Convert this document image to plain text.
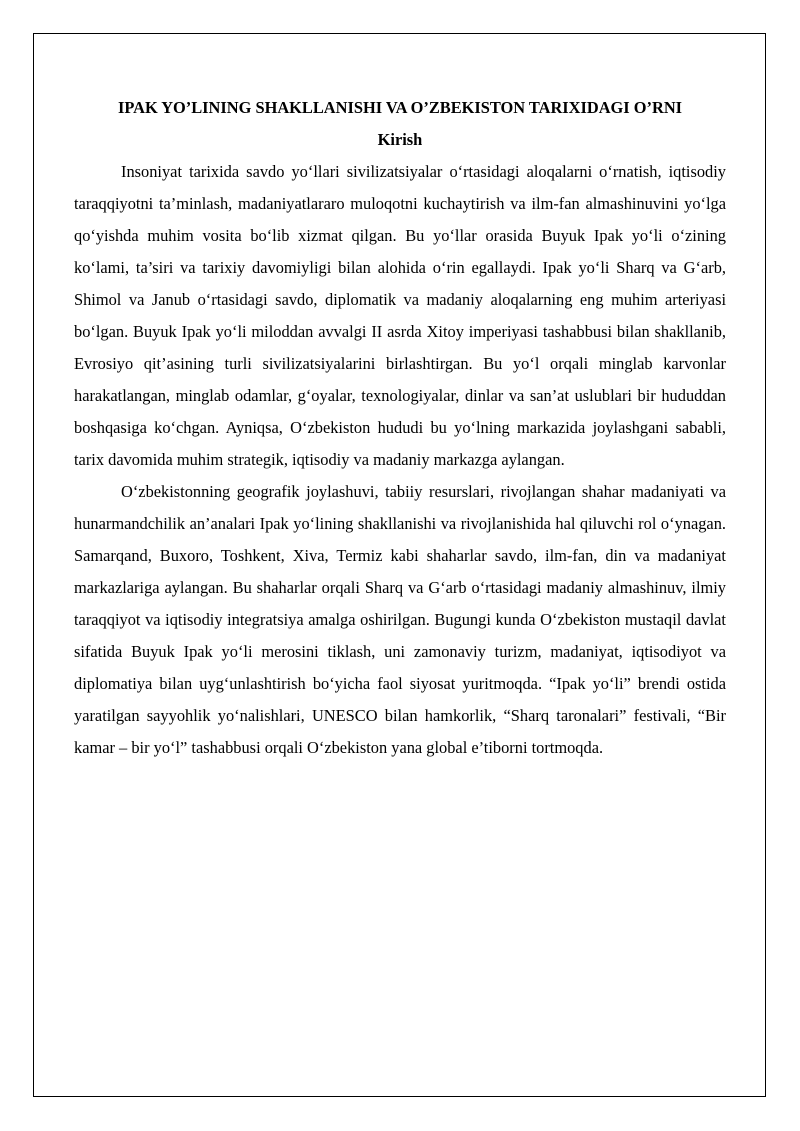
IPAK YO’LINING SHAKLLANISHI VA O’ZBEKISTON TARIXIDAGI O’RNI

Kirish

Insoniyat tarixida savdo yo‘llari sivilizatsiyalar o‘rtasidagi aloqalarni o‘rnatish, iqtisodiy taraqqiyotni ta’minlash, madaniyatlararo muloqotni kuchaytirish va ilm-fan almashinuvini yo‘lga qo‘yishda muhim vosita bo‘lib xizmat qilgan. Bu yo‘llar orasida Buyuk Ipak yo‘li o‘zining ko‘lami, ta’siri va tarixiy davomiyligi bilan alohida o‘rin egallaydi. Ipak yo‘li Sharq va G‘arb, Shimol va Janub o‘rtasidagi savdo, diplomatik va madaniy aloqalarning eng muhim arteriyasi bo‘lgan. Buyuk Ipak yo‘li miloddan avvalgi II asrda Xitoy imperiyasi tashabbusi bilan shakllanib, Evrosiyo qit’asining turli sivilizatsiyalarini birlashtirgan. Bu yo‘l orqali minglab karvonlar harakatlangan, minglab odamlar, g‘oyalar, texnologiyalar, dinlar va san’at uslublari bir hududdan boshqasiga ko‘chgan. Ayniqsa, O‘zbekiston hududi bu yo‘lning markazida joylashgani sababli, tarix davomida muhim strategik, iqtisodiy va madaniy markazga aylangan.

O‘zbekistonning geografik joylashuvi, tabiiy resurslari, rivojlangan shahar madaniyati va hunarmandchilik an’analari Ipak yo‘lining shakllanishi va rivojlanishida hal qiluvchi rol o‘ynagan. Samarqand, Buxoro, Toshkent, Xiva, Termiz kabi shaharlar savdo, ilm-fan, din va madaniyat markazlariga aylangan. Bu shaharlar orqali Sharq va G‘arb o‘rtasidagi madaniy almashinuv, ilmiy taraqqiyot va iqtisodiy integratsiya amalga oshirilgan. Bugungi kunda O‘zbekiston mustaqil davlat sifatida Buyuk Ipak yo‘li merosini tiklash, uni zamonaviy turizm, madaniyat, iqtisodiyot va diplomatiya bilan uyg‘unlashtirish bo‘yicha faol siyosat yuritmoqda. “Ipak yo‘li” brendi ostida yaratilgan sayyohlik yo‘nalishlari, UNESCO bilan hamkorlik, “Sharq taronalari” festivali, “Bir kamar – bir yo‘l” tashabbusi orqali O‘zbekiston yana global e’tiborni tortmoqda.
